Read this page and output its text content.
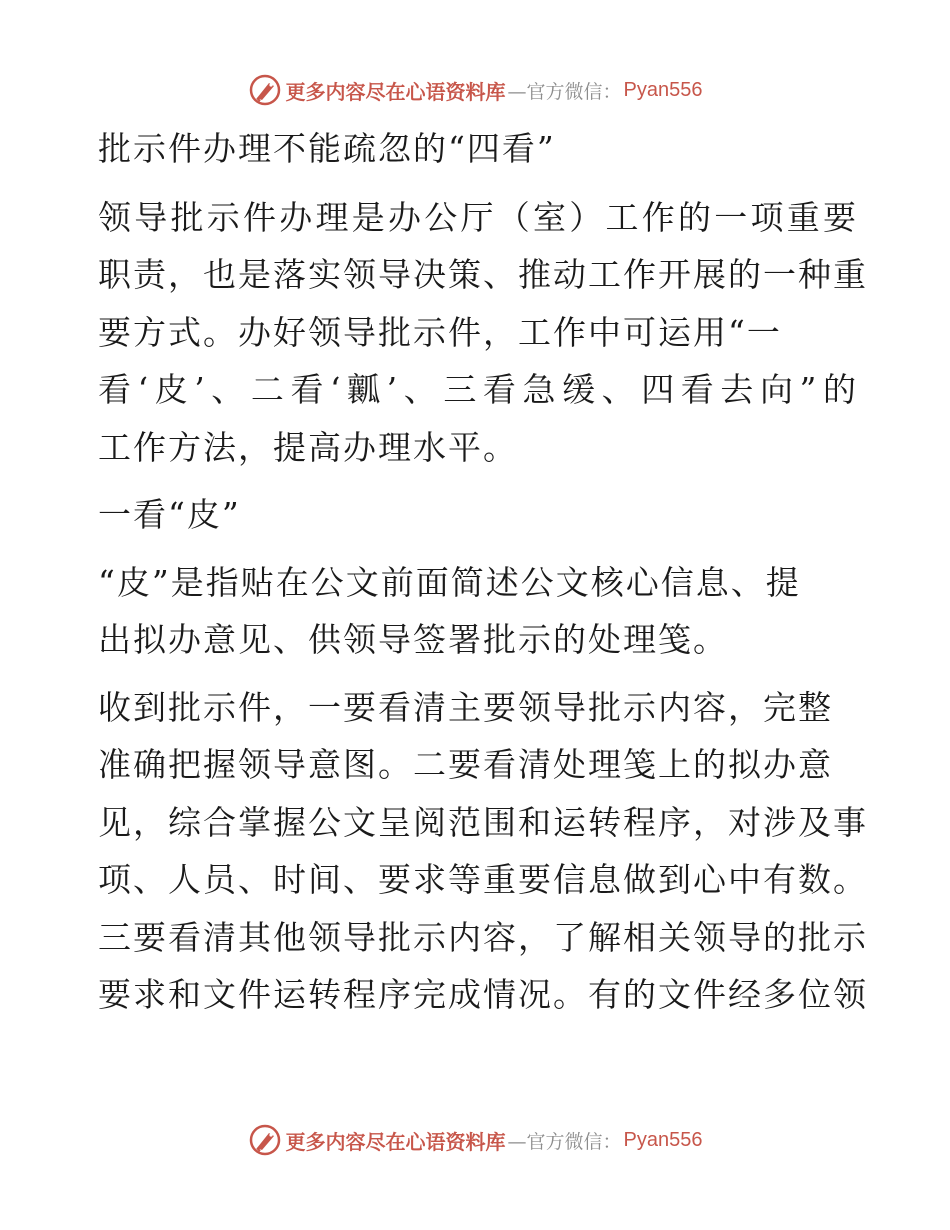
更多内容尽在心语资料库 —官方微信： Pyan556
批示件办理不能疏忽的“四看”
领导批示件办理是办公厅（室）工作的一项重要
职责，也是落实领导决策、推动工作开展的一种重
要方式。办好领导批示件，工作中可运用“一
看‘皮’、二看‘瓤’、三看急缓、四看去向”的
工作方法，提高办理水平。
一看“皮”
“皮”是指贴在公文前面简述公文核心信息、提
出拟办意见、供领导签署批示的处理笺。
收到批示件，一要看清主要领导批示内容，完整
准确把握领导意图。二要看清处理笺上的拟办意
见，综合掌握公文呈阅范围和运转程序，对涉及事
项、人员、时间、要求等重要信息做到心中有数。
三要看清其他领导批示内容，了解相关领导的批示
要求和文件运转程序完成情况。有的文件经多位领
更多内容尽在心语资料库 —官方微信： Pyan556
